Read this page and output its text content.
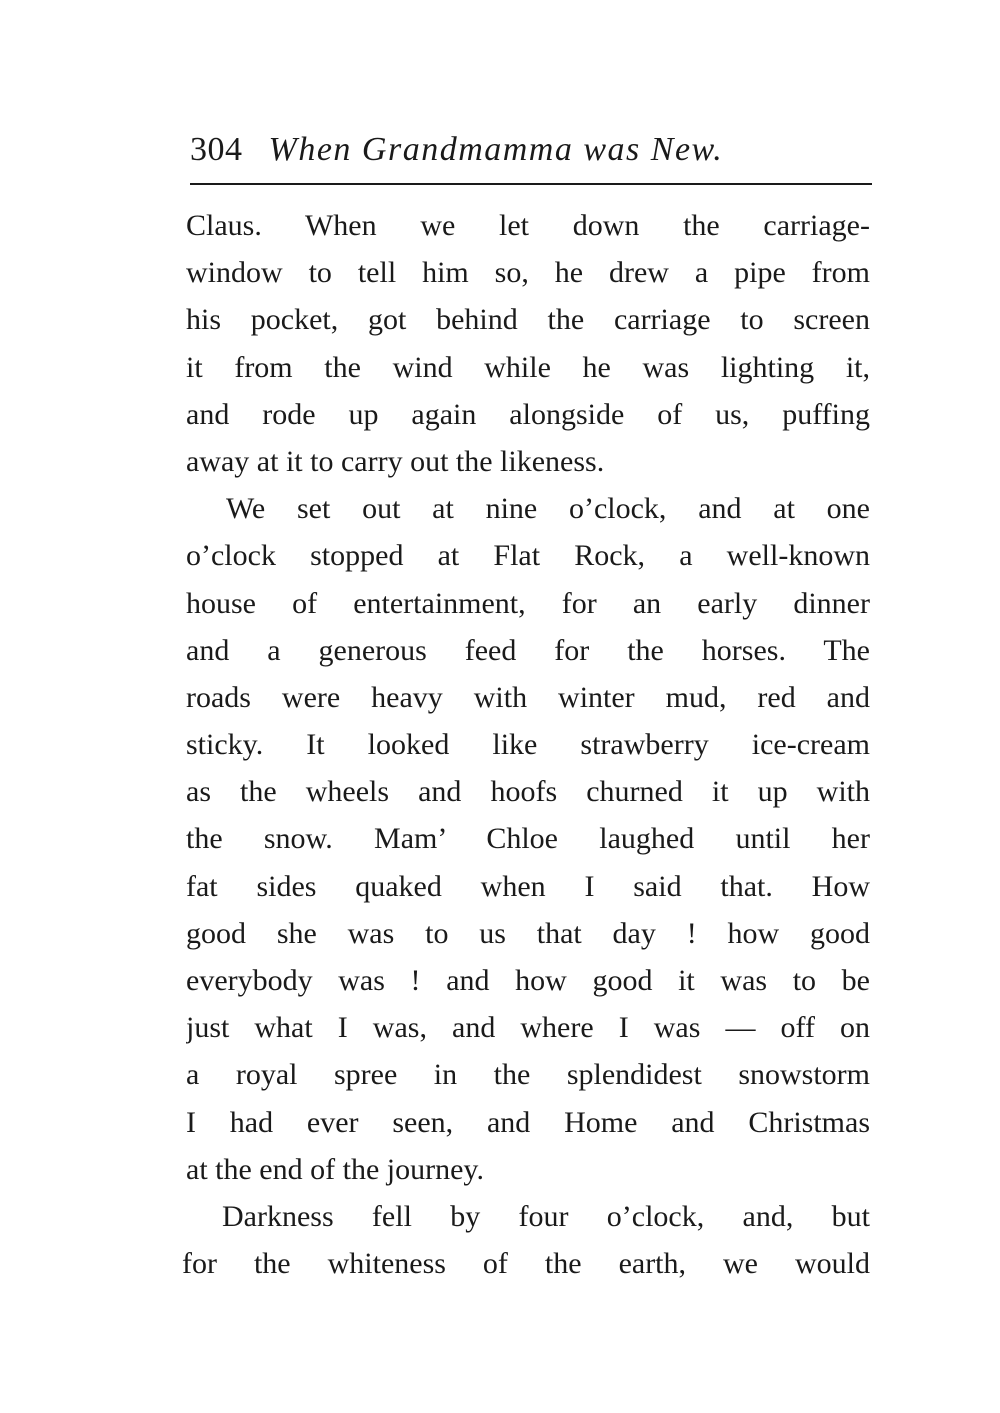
304 When Grandmamma was New.
Claus. When we let down the carriage-
window to tell him so, he drew a pipe from
his pocket, got behind the carriage to screen
it from the wind while he was lighting it,
and rode up again alongside of us, puffing
away at it to carry out the likeness.
We set out at nine o’clock, and at one
o’clock stopped at Flat Rock, a well-known
house of entertainment, for an early dinner
and a generous feed for the horses. The
roads were heavy with winter mud, red and
sticky. It looked like strawberry ice-cream
as the wheels and hoofs churned it up with
the snow. Mam’ Chloe laughed until her
fat sides quaked when I said that. How
good she was to us that day ! how good
everybody was ! and how good it was to be
just what I was, and where I was — off on
a royal spree in the splendidest snowstorm
I had ever seen, and Home and Christmas
at the end of the journey.
Darkness fell by four o’clock, and, but
for the whiteness of the earth, we would
